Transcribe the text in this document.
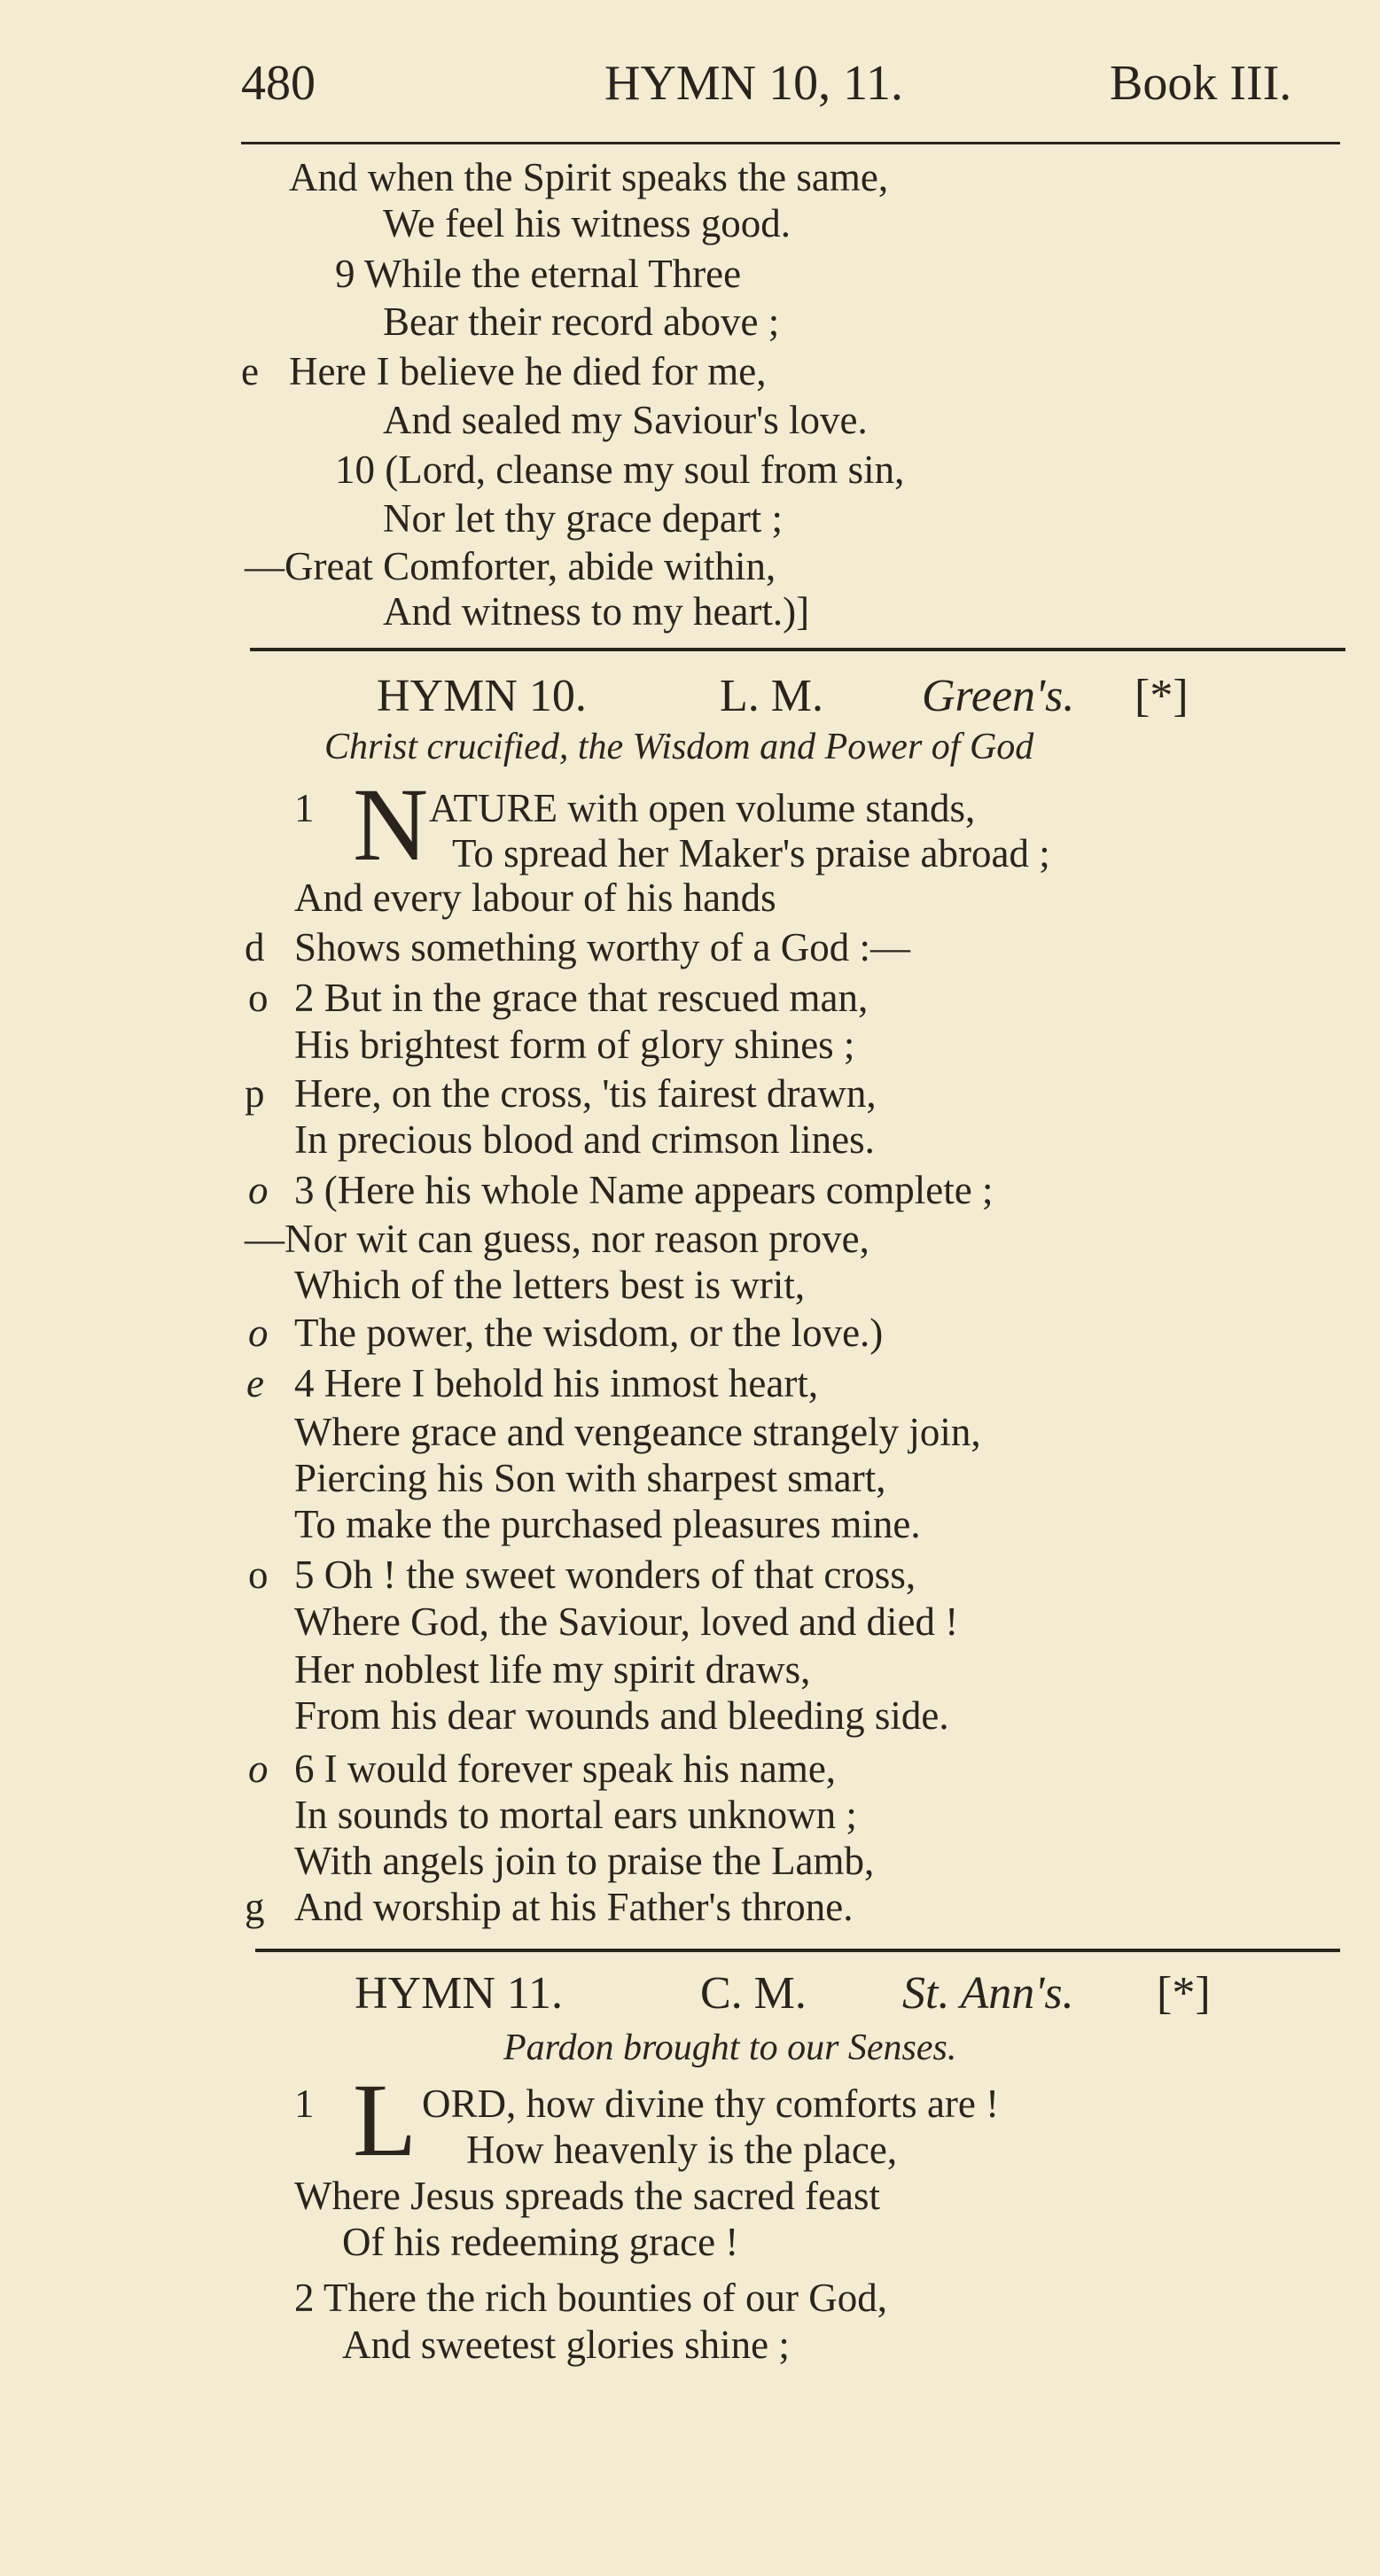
480	HYMN 10, 11.	Book III.
And when the Spirit speaks the same,
We feel his witness good.
9 While the eternal Three
Bear their record above ;
e Here I believe he died for me,
And sealed my Saviour's love.
10 (Lord, cleanse my soul from sin,
Nor let thy grace depart ;
—Great Comforter, abide within,
And witness to my heart.)]
HYMN 10.	L. M. Green's. [*]
Christ crucified, the Wisdom and Power of God
1 N ATURE with open volume stands,
To spread her Maker's praise abroad ;
And every labour of his hands
d Shows something worthy of a God :—
o 2 But in the grace that rescued man,
His brightest form of glory shines ;
p Here, on the cross, 'tis fairest drawn,
In precious blood and crimson lines.
o 3 (Here his whole Name appears complete ;
—Nor wit can guess, nor reason prove,
Which of the letters best is writ,
o The power, the wisdom, or the love.)
e 4 Here I behold his inmost heart,
Where grace and vengeance strangely join,
Piercing his Son with sharpest smart,
To make the purchased pleasures mine.
o 5 Oh ! the sweet wonders of that cross,
Where God, the Saviour, loved and died !
Her noblest life my spirit draws,
From his dear wounds and bleeding side.
o 6 I would forever speak his name,
In sounds to mortal ears unknown ;
With angels join to praise the Lamb,
g And worship at his Father's throne.
HYMN 11.	C. M. St. Ann's. [*]
Pardon brought to our Senses.
1 L ORD, how divine thy comforts are !
How heavenly is the place,
Where Jesus spreads the sacred feast
Of his redeeming grace !
2 There the rich bounties of our God,
And sweetest glories shine ;
